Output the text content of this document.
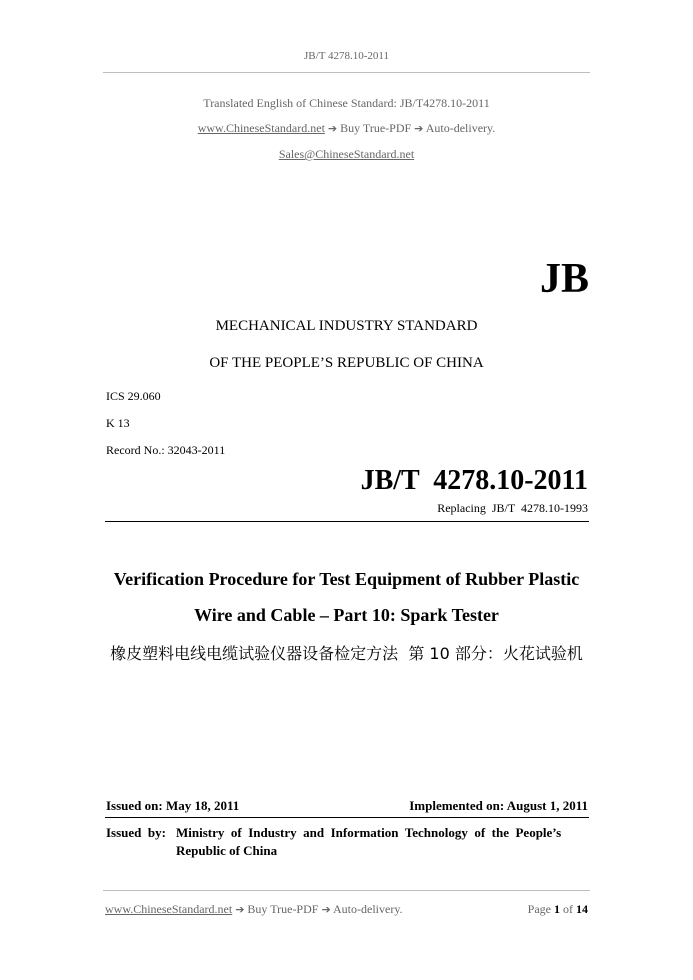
JB/T 4278.10-2011
Translated English of Chinese Standard: JB/T4278.10-2011
www.ChineseStandard.net ➔ Buy True-PDF ➔ Auto-delivery.
Sales@ChineseStandard.net
JB
MECHANICAL INDUSTRY STANDARD
OF THE PEOPLE’S REPUBLIC OF CHINA
ICS 29.060
K 13
Record No.: 32043-2011
JB/T  4278.10-2011
Replacing  JB/T  4278.10-1993
Verification Procedure for Test Equipment of Rubber Plastic
Wire and Cable – Part 10: Spark Tester
橡皮塑料电线电缆试验仪器设备检定方法  第 10 部分：火花试验机
Issued on: May 18, 2011	Implemented on: August 1, 2011
Issued  by: Ministry  of  Industry  and  Information  Technology  of  the  People’s
Republic of China
www.ChineseStandard.net ➔ Buy True-PDF ➔ Auto-delivery.	Page 1 of 14
